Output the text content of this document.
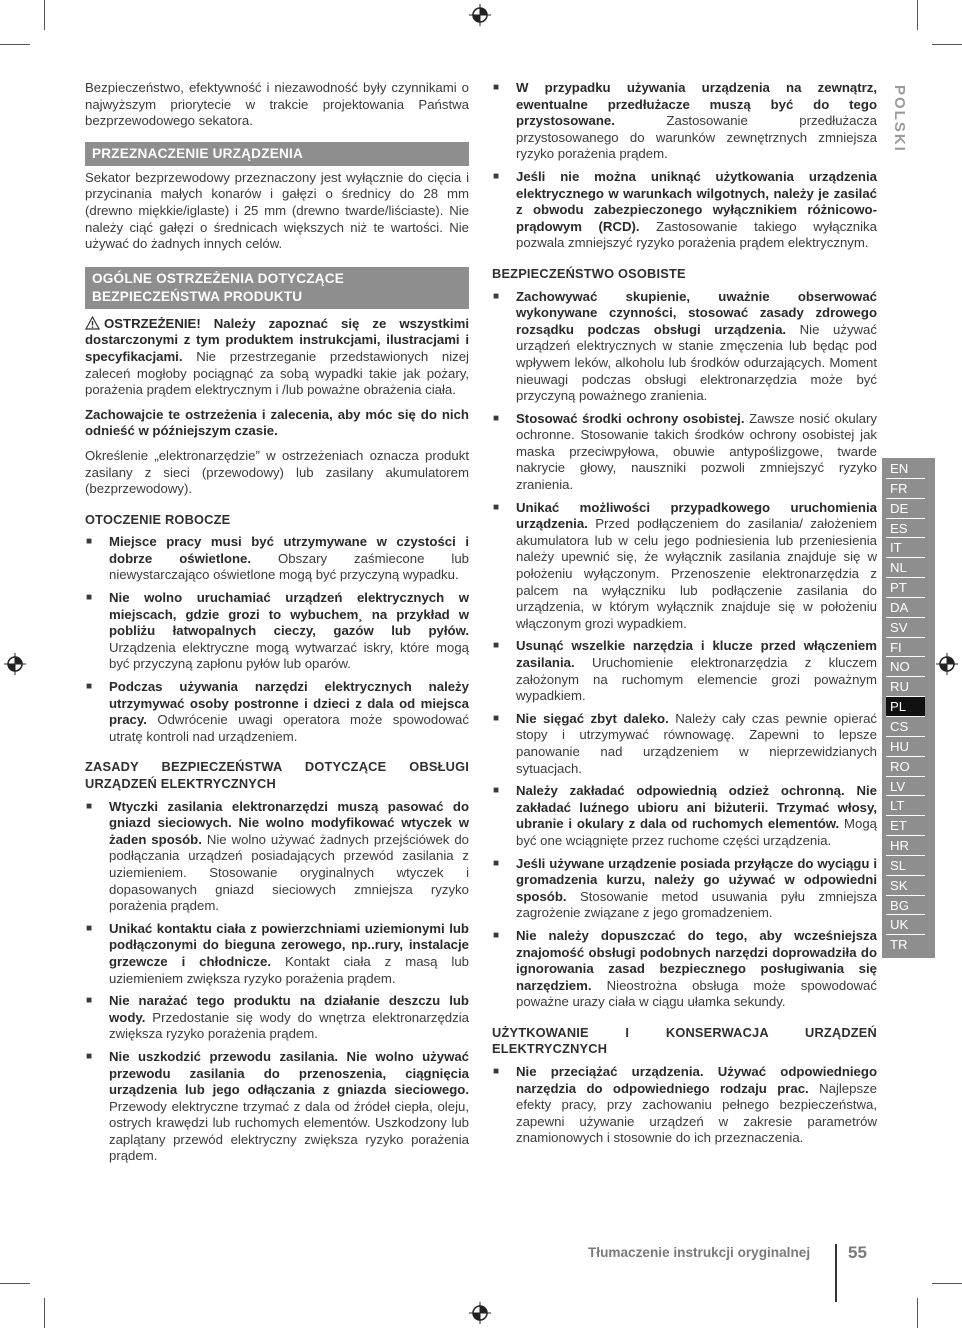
Bezpieczeństwo, efektywność i niezawodność były czynnikami o najwyższym priorytecie w trakcie projektowania Państwa bezprzewodowego sekatora.

PRZEZNACZENIE URZĄDZENIA

Sekator bezprzewodowy przeznaczony jest wyłącznie do cięcia i przycinania małych konarów i gałęzi o średnicy do 28 mm (drewno miękkie/iglaste) i 25 mm (drewno twarde/liściaste). Nie należy ciąć gałęzi o średnicach większych niż te wartości. Nie używać do żadnych innych celów.

OGÓLNE OSTRZEŻENIA DOTYCZĄCE
BEZPIECZEŃSTWA PRODUKTU

OSTRZEŻENIE! Należy zapoznać się ze wszystkimi dostarczonymi z tym produktem instrukcjami, ilustracjami i specyfikacjami. Nie przestrzeganie przedstawionych nizej zaleceń mogłoby pociągnąć za sobą wypadki takie jak pożary, porażenia prądem elektrycznym i /lub poważne obrażenia ciała.

Zachowajcie te ostrzeżenia i zalecenia, aby móc się do nich odnieść w późniejszym czasie.

Określenie „elektronarzędzie” w ostrzeżeniach oznacza produkt zasilany z sieci (przewodowy) lub zasilany akumulatorem (bezprzewodowy).

OTOCZENIE ROBOCZE
■ Miejsce pracy musi być utrzymywane w czystości i dobrze oświetlone. Obszary zaśmiecone lub niewystarczająco oświetlone mogą być przyczyną wypadku.
■ Nie wolno uruchamiać urządzeń elektrycznych w miejscach, gdzie grozi to wybuchem¸ na przykład w pobliżu łatwopalnych cieczy, gazów lub pyłów. Urządzenia elektryczne mogą wytwarzać iskry, które mogą być przyczyną zapłonu pyłów lub oparów.
■ Podczas używania narzędzi elektrycznych należy utrzymywać osoby postronne i dzieci z dala od miejsca pracy. Odwrócenie uwagi operatora może spowodować utratę kontroli nad urządzeniem.
ZASADY BEZPIECZEŃSTWA DOTYCZĄCE OBSŁUGI URZĄDZEŃ ELEKTRYCZNYCH
■ Wtyczki zasilania elektronarzędzi muszą pasować do gniazd sieciowych. Nie wolno modyfikować wtyczek w żaden sposób. Nie wolno używać żadnych przejściówek do podłączania urządzeń posiadających przewód zasilania z uziemieniem. Stosowanie oryginalnych wtyczek i dopasowanych gniazd sieciowych zmniejsza ryzyko porażenia prądem.
■ Unikać kontaktu ciała z powierzchniami uziemionymi lub podłączonymi do bieguna zerowego, np..rury, instalacje grzewcze i chłodnicze. Kontakt ciała z masą lub uziemieniem zwiększa ryzyko porażenia prądem.
■ Nie narażać tego produktu na działanie deszczu lub wody. Przedostanie się wody do wnętrza elektronarzędzia zwiększa ryzyko porażenia prądem.
■ Nie uszkodzić przewodu zasilania. Nie wolno używać przewodu zasilania do przenoszenia, ciągnięcia urządzenia lub jego odłączania z gniazda sieciowego. Przewody elektryczne trzymać z dala od źródeł ciepła, oleju, ostrych krawędzi lub ruchomych elementów. Uszkodzony lub zaplątany przewód elektryczny zwiększa ryzyko porażenia prądem.
■ W przypadku używania urządzenia na zewnątrz, ewentualne przedłużacze muszą być do tego przystosowane. Zastosowanie przedłużacza przystosowanego do warunków zewnętrznych zmniejsza ryzyko porażenia prądem.
■ Jeśli nie można uniknąć użytkowania urządzenia elektrycznego w warunkach wilgotnych, należy je zasilać z obwodu zabezpieczonego wyłącznikiem różnicowo-prądowym (RCD). Zastosowanie takiego wyłącznika pozwala zmniejszyć ryzyko porażenia prądem elektrycznym.
BEZPIECZEŃSTWO OSOBISTE
■ Zachowywać skupienie, uważnie obserwować wykonywane czynności, stosować zasady zdrowego rozsądku podczas obsługi urządzenia. Nie używać urządzeń elektrycznych w stanie zmęczenia lub będąc pod wpływem leków, alkoholu lub środków odurzających. Moment nieuwagi podczas obsługi elektronarzędzia może być przyczyną poważnego zranienia.
■ Stosować środki ochrony osobistej. Zawsze nosić okulary ochronne. Stosowanie takich środków ochrony osobistej jak maska przeciwpyłowa, obuwie antypoślizgowe, twarde nakrycie głowy, nauszniki pozwoli zmniejszyć ryzyko zranienia.
■ Unikać możliwości przypadkowego uruchomienia urządzenia. Przed podłączeniem do zasilania/ założeniem akumulatora lub w celu jego podniesienia lub przeniesienia należy upewnić się, że wyłącznik zasilania znajduje się w położeniu wyłączonym. Przenoszenie elektronarzędzia z palcem na wyłączniku lub podłączenie zasilania do urządzenia, w którym wyłącznik znajduje się w położeniu włączonym grozi wypadkiem.
■ Usunąć wszelkie narzędzia i klucze przed włączeniem zasilania. Uruchomienie elektronarzędzia z kluczem założonym na ruchomym elemencie grozi poważnym wypadkiem.
■ Nie sięgać zbyt daleko. Należy cały czas pewnie opierać stopy i utrzymywać równowagę. Zapewni to lepsze panowanie nad urządzeniem w nieprzewidzianych sytuacjach.
■ Należy zakładać odpowiednią odzież ochronną. Nie zakładać luźnego ubioru ani biżuterii. Trzymać włosy, ubranie i okulary z dala od ruchomych elementów. Mogą być one wciągnięte przez ruchome części urządzenia.
■ Jeśli używane urządzenie posiada przyłącze do wyciągu i gromadzenia kurzu, należy go używać w odpowiedni sposób. Stosowanie metod usuwania pyłu zmniejsza zagrożenie związane z jego gromadzeniem.
■ Nie należy dopuszczać do tego, aby wcześniejsza znajomość obsługi podobnych narzędzi doprowadziła do ignorowania zasad bezpiecznego posługiwania się narzędziem. Nieostrożna obsługa może spowodować poważne urazy ciała w ciągu ułamka sekundy.
UŻYTKOWANIE I KONSERWACJA URZĄDZEŃ ELEKTRYCZNYCH
■ Nie przeciążać urządzenia. Używać odpowiedniego narzędzia do odpowiedniego rodzaju prac. Najlepsze efekty pracy, przy zachowaniu pełnego bezpieczeństwa, zapewni używanie urządzeń w zakresie parametrów znamionowych i stosownie do ich przeznaczenia.
POLSKI
EN
FR
DE
ES
IT
NL
PT
DA
SV
FI
NO
RU
PL
CS
HU
RO
LV
LT
ET
HR
SL
SK
BG
UK
TR
Tłumaczenie instrukcji oryginalnej 55
